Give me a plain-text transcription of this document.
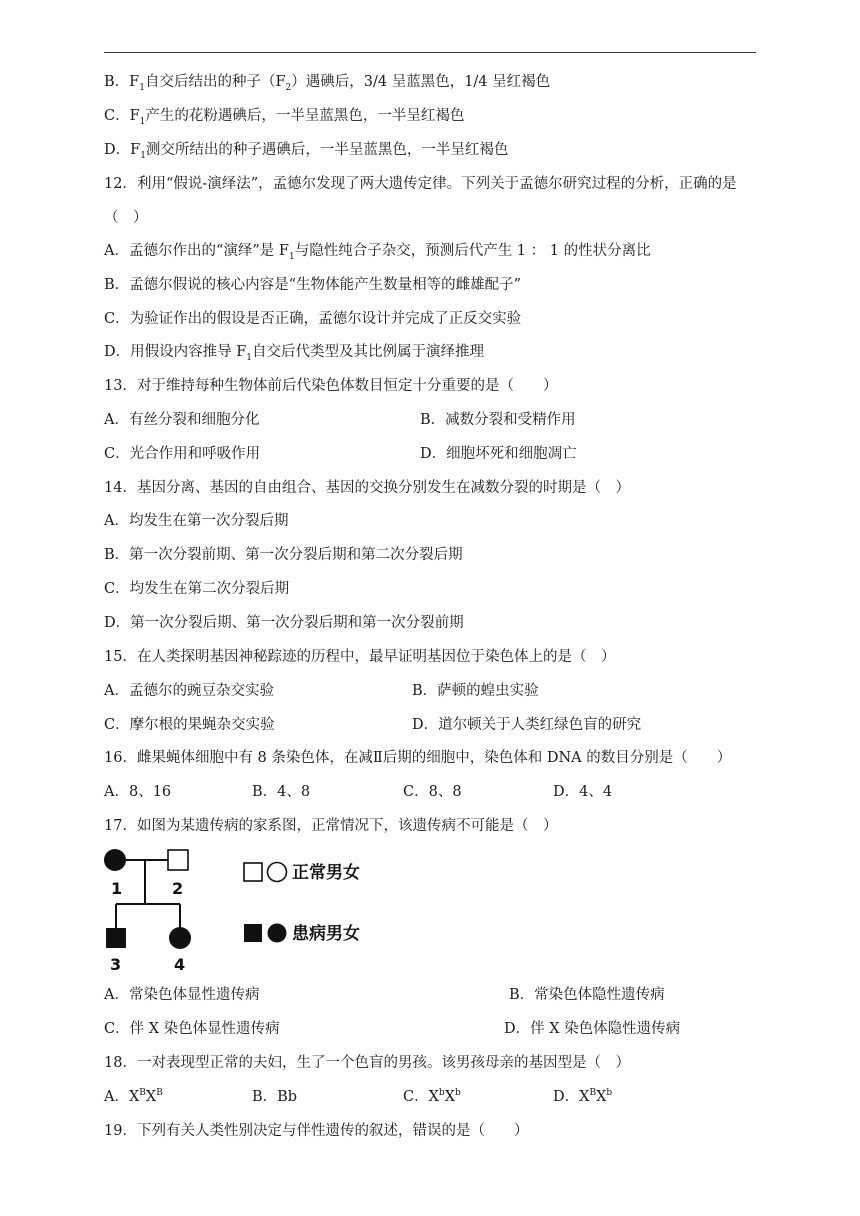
B．$F_1$自交后结出的种子$(F_2)$遇碘后，3/4 呈蓝黑色，1/4 呈红褐色
C．$F_1$产生的花粉遇碘后，一半呈蓝黑色，一半呈红褐色
D．$F_1$测交所结出的种子遇碘后，一半呈蓝黑色，一半呈红褐色
12．利用“假说-演绎法”，孟德尔发现了两大遗传定律。下列关于孟德尔研究过程的分析，正确的是
（　）
A．孟德尔作出的“演绎”是 $F_1$与隐性纯合子杂交，预测后代产生 1 ： 1 的性状分离比
B．孟德尔假说的核心内容是“生物体能产生数量相等的雌雄配子”
C．为验证作出的假设是否正确，孟德尔设计并完成了正反交实验
D．用假设内容推导 $F_1$自交后代类型及其比例属于演绎推理
13．对于维持每种生物体前后代染色体数目恒定十分重要的是（　　）
A．有丝分裂和细胞分化	B．减数分裂和受精作用
C．光合作用和呼吸作用	D．细胞坏死和细胞凋亡
14．基因分离、基因的自由组合、基因的交换分别发生在减数分裂的时期是（　）
A．均发生在第一次分裂后期
B．第一次分裂前期、第一次分裂后期和第二次分裂后期
C．均发生在第二次分裂后期
D．第一次分裂后期、第一次分裂后期和第一次分裂前期
15．在人类探明基因神秘踪迹的历程中，最早证明基因位于染色体上的是（　）
A．孟德尔的豌豆杂交实验	B．萨顿的蝗虫实验
C．摩尔根的果蝇杂交实验	D．道尔顿关于人类红绿色盲的研究
16．雌果蝇体细胞中有 8 条染色体，在减Ⅱ后期的细胞中，染色体和 DNA 的数目分别是（　　）
A．8、16	B．4、8	C．8、8	D．4、4
17．如图为某遗传病的家系图，正常情况下，该遗传病不可能是（　）
1	2
3	4
正常男女
患病男女
A．常染色体显性遗传病	B．常染色体隐性遗传病
C．伴 X 染色体显性遗传病	D．伴 X 染色体隐性遗传病
18．一对表现型正常的夫妇，生了一个色盲的男孩。该男孩母亲的基因型是（　）
A．$X^BX^B$	B．Bb	C．$X^bX^b$	D．$X^BX^b$
19．下列有关人类性别决定与伴性遗传的叙述，错误的是（　　）
